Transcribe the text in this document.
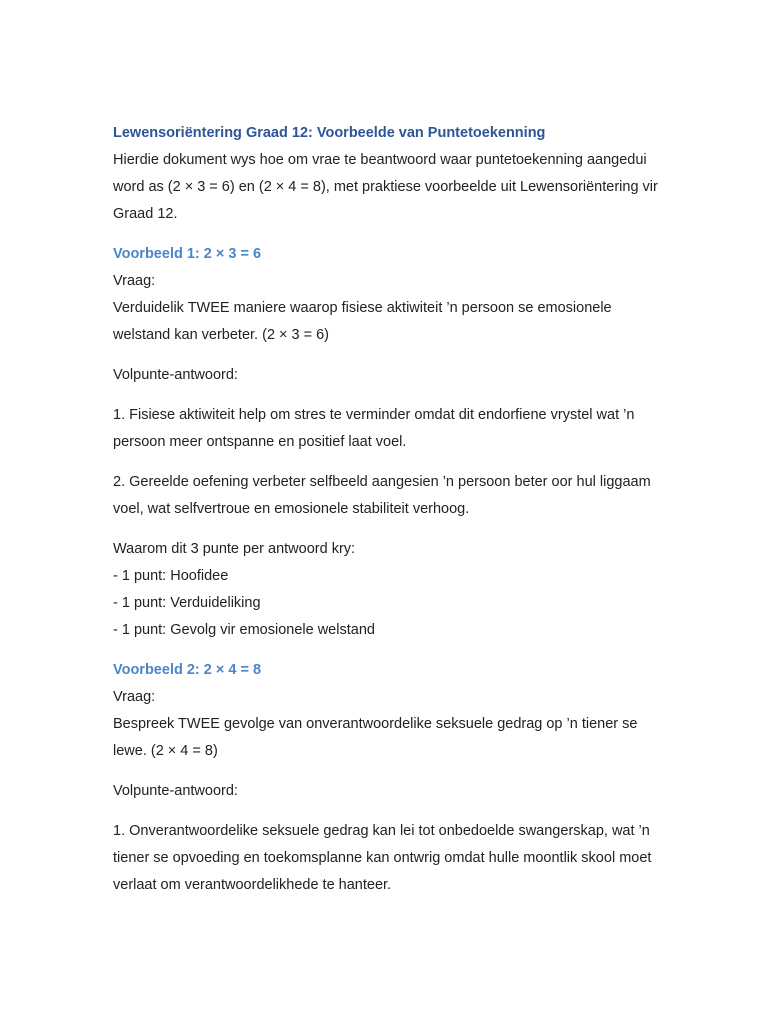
Lewensoriëntering Graad 12: Voorbeelde van Puntetoekenning

Hierdie dokument wys hoe om vrae te beantwoord waar puntetoekenning aangedui word as (2 × 3 = 6) en (2 × 4 = 8), met praktiese voorbeelde uit Lewensoriëntering vir Graad 12.

Voorbeeld 1: 2 × 3 = 6

Vraag:

Verduidelik TWEE maniere waarop fisiese aktiwiteit ’n persoon se emosionele welstand kan verbeter. (2 × 3 = 6)

Volpunte-antwoord:

1. Fisiese aktiwiteit help om stres te verminder omdat dit endorfiene vrystel wat ’n persoon meer ontspanne en positief laat voel.

2. Gereelde oefening verbeter selfbeeld aangesien ’n persoon beter oor hul liggaam voel, wat selfvertroue en emosionele stabiliteit verhoog.

Waarom dit 3 punte per antwoord kry:

- 1 punt: Hoofidee

- 1 punt: Verduideliking

- 1 punt: Gevolg vir emosionele welstand

Voorbeeld 2: 2 × 4 = 8

Vraag:

Bespreek TWEE gevolge van onverantwoordelike seksuele gedrag op ’n tiener se lewe. (2 × 4 = 8)

Volpunte-antwoord:

1. Onverantwoordelike seksuele gedrag kan lei tot onbedoelde swangerskap, wat ’n tiener se opvoeding en toekomsplanne kan ontwrig omdat hulle moontlik skool moet verlaat om verantwoordelikhede te hanteer.
